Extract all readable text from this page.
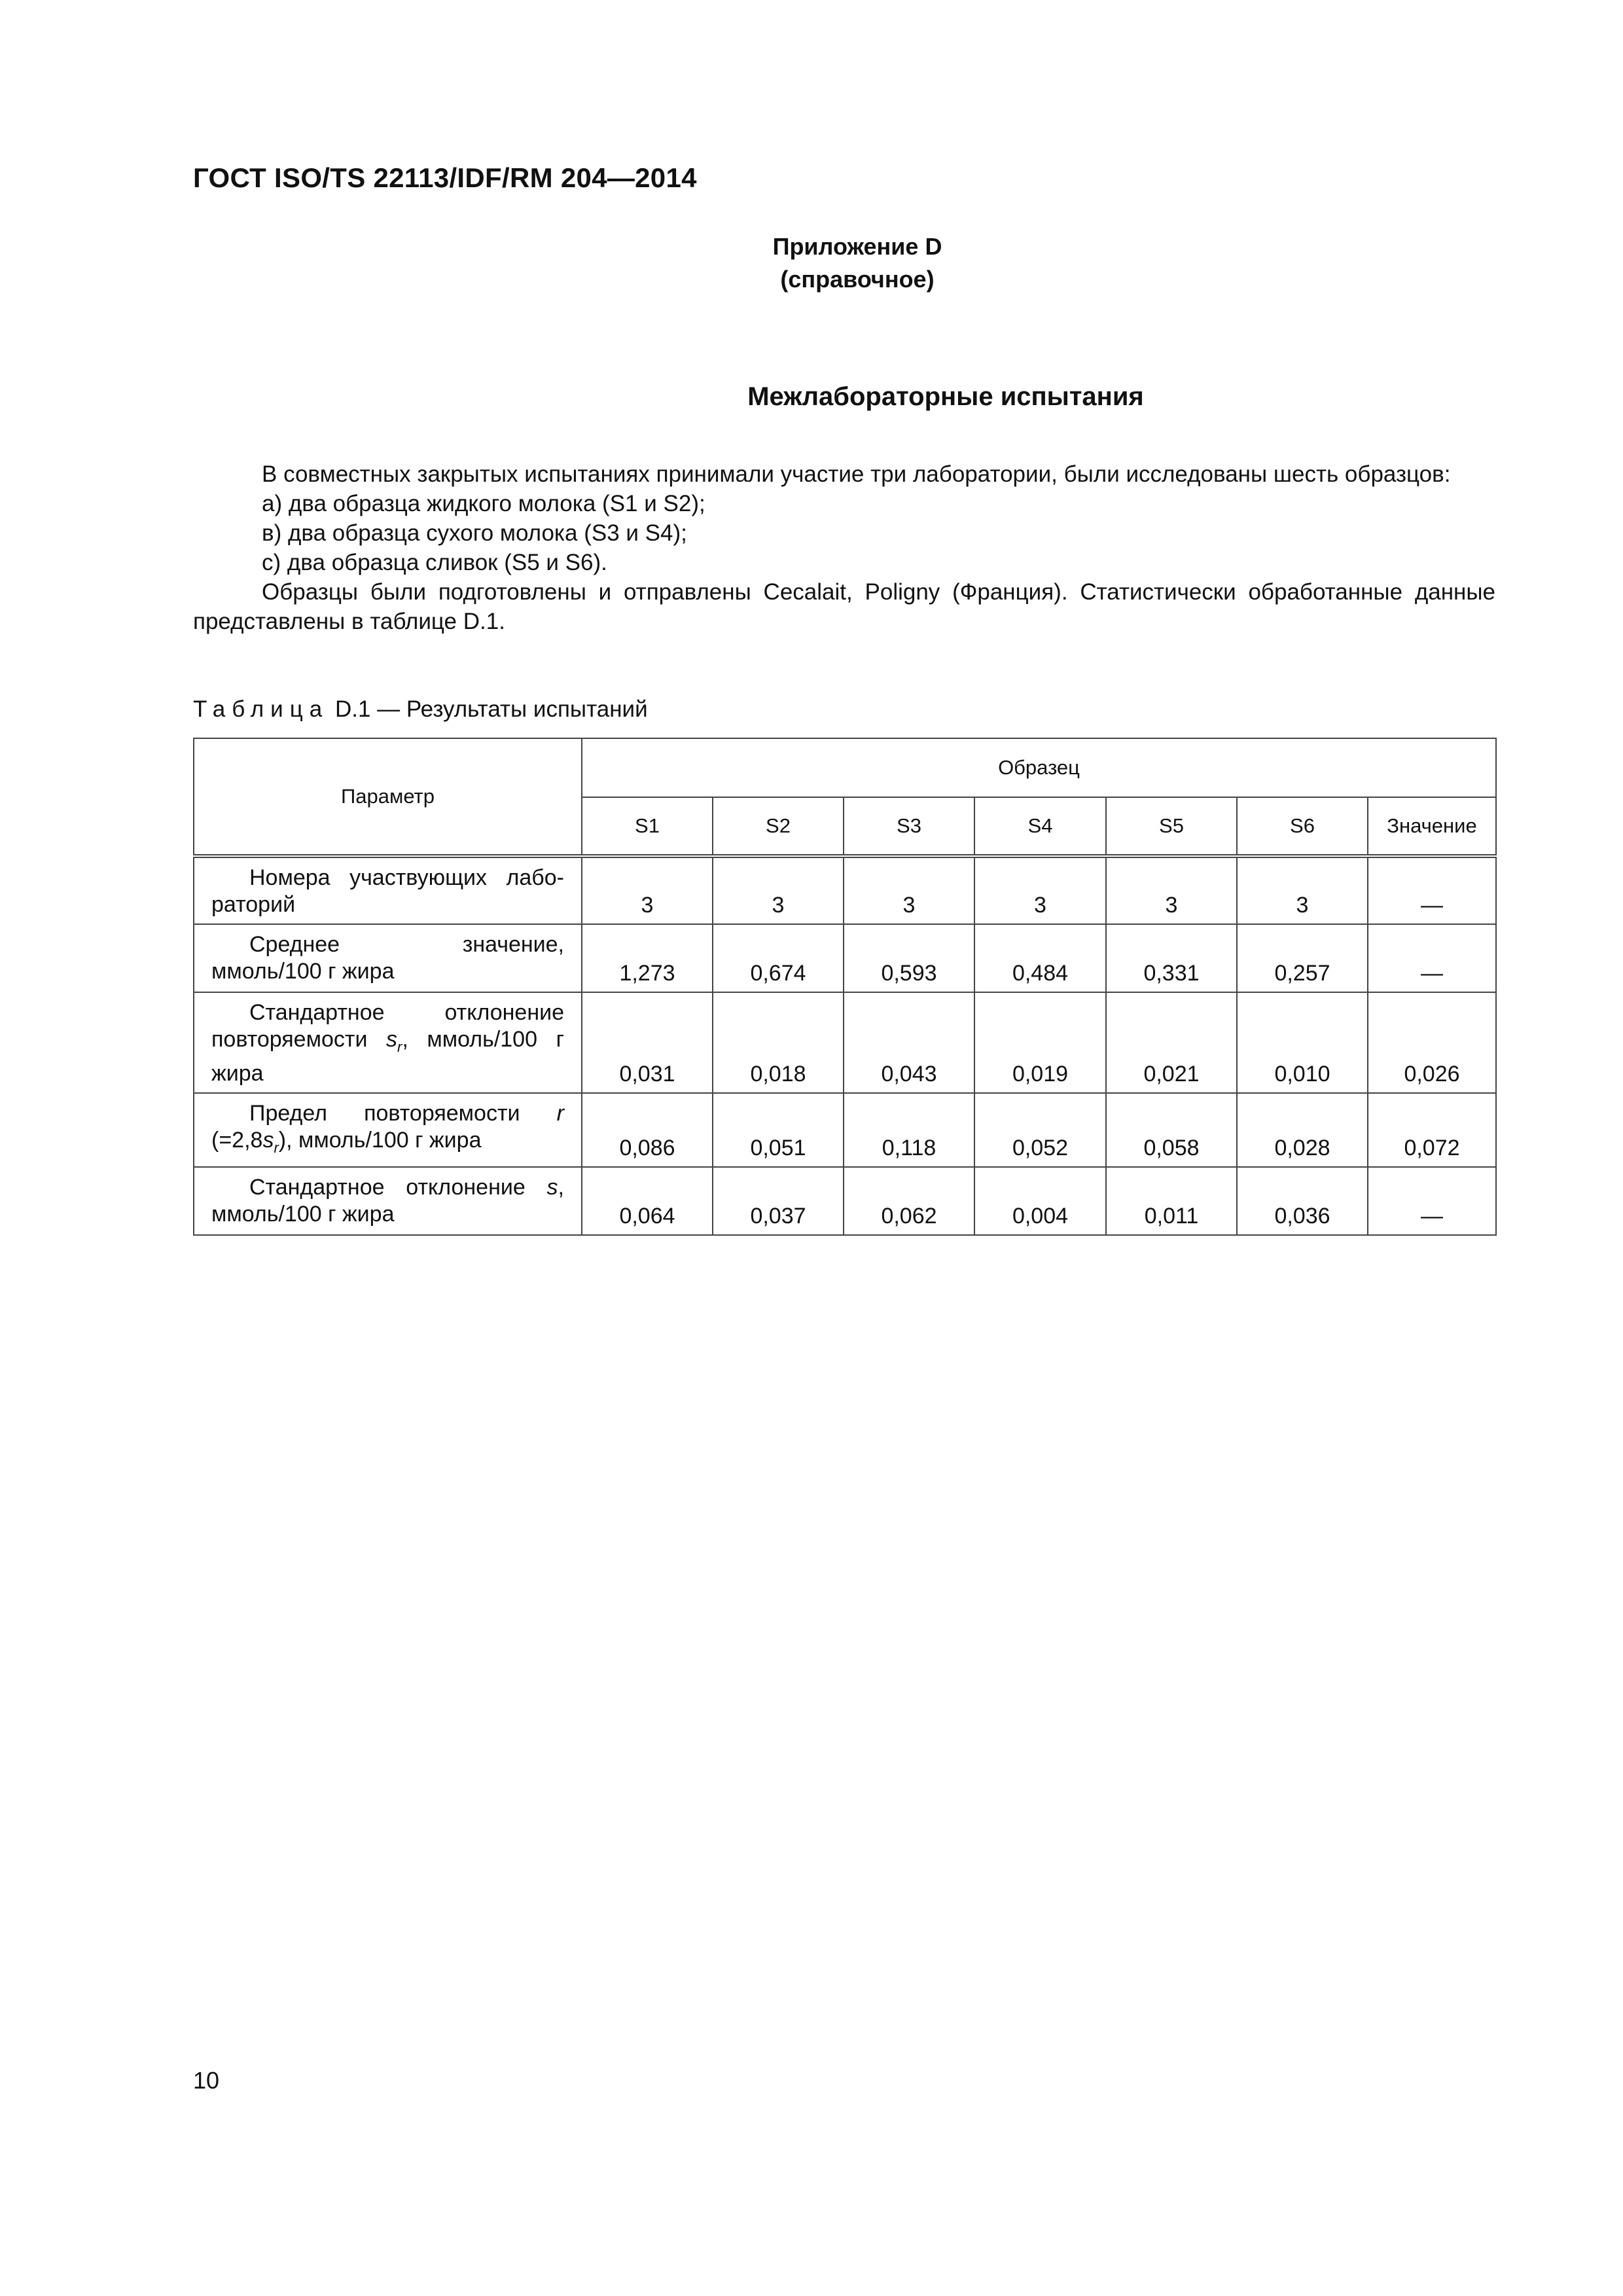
ГОСТ ISO/TS 22113/IDF/RM 204—2014
Приложение D
(справочное)
Межлабораторные испытания

В совместных закрытых испытаниях принимали участие три лаборатории, были исследованы шесть образцов:

а) два образца жидкого молока (S1 и S2);

в) два образца сухого молока (S3 и S4);

c) два образца сливок (S5 и S6).

Образцы были подготовлены и отправлены Cecalait, Poligny (Франция). Статистически обработанные данные представлены в таблице D.1.

Таблица D.1 — Результаты испытаний
Параметр	Образец						
	S1	S2	S3	S4	S5	S6	Значение

Номера участвующих лабо-
раторий	3	3	3	3	3	3	—

Среднее значение,
ммоль/100 г жира	1,273	0,674	0,593	0,484	0,331	0,257	—

Стандартное отклонение
повторяемости $s_r$, ммоль/100 г
жира	0,031	0,018	0,043	0,019	0,021	0,010	0,026

Предел повторяемости r
$(=2,8s_r)$, ммоль/100 г жира	0,086	0,051	0,118	0,052	0,058	0,028	0,072

Стандартное отклонение s,
ммоль/100 г жира	0,064	0,037	0,062	0,004	0,011	0,036	—
10
